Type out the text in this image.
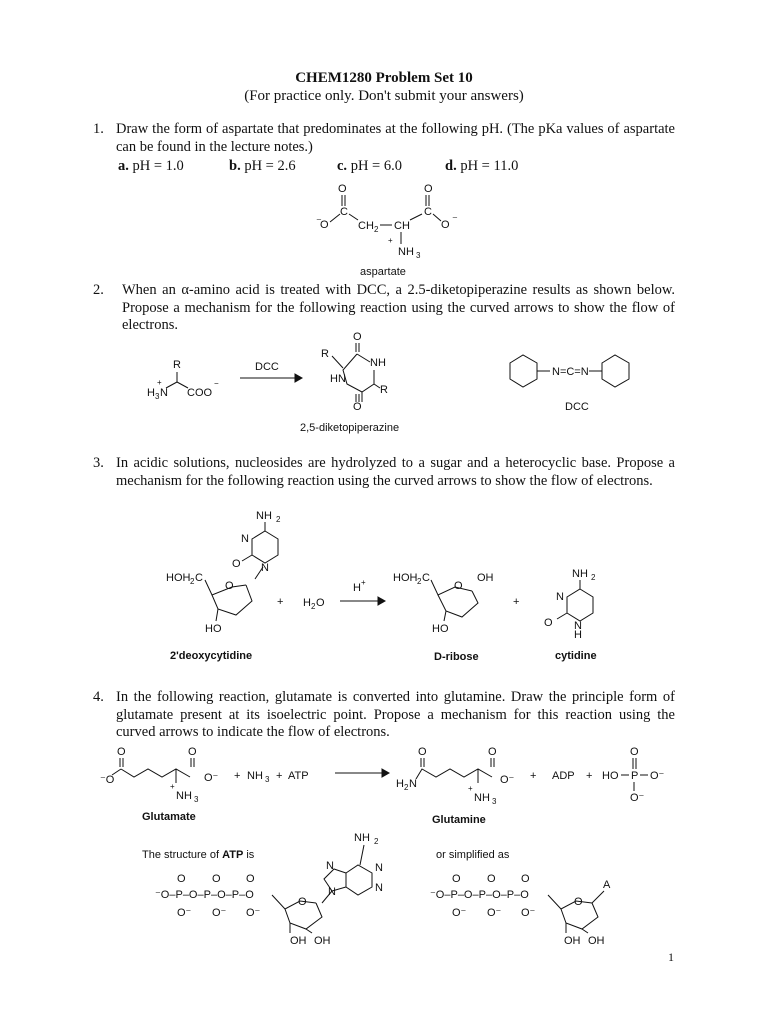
CHEM1280 Problem Set 10
(For practice only. Don't submit your answers)
1. Draw the form of aspartate that predominates at the following pH. (The pKa values of aspartate can be found in the lecture notes.)
a. pH = 1.0	b. pH = 2.6	c. pH = 6.0	d. pH = 11.0
O
C
⁻
O	CH 2 CH
O
C
O ⁻
+
NH 3
aspartate
2. When an α-amino acid is treated with DCC, a 2.5-diketopiperazine results as shown below. Propose a mechanism for the following reaction using the curved arrows to show the flow of electrons.
R
H 3 N
+
COO
−
DCC
O
NH
R
HN
R
O
2,5-diketopiperazine
N=C=N
DCC
3. In acidic solutions, nucleosides are hydrolyzed to a sugar and a heterocyclic base. Propose a mechanism for the following reaction using the curved arrows to show the flow of electrons.
NH 2
N
N
O
HOH 2 C
O
HO
2'deoxycytidine
+ H 2 O
H + HOH 2 C
O
OH
HO
D-ribose
+
NH 2
N
O N
H
cytidine
4. In the following reaction, glutamate is converted into glutamine. Draw the principle form of glutamate present at its isoelectric point. Propose a mechanism for this reaction using the curved arrows to indicate the flow of electrons.
O
⁻O
O
O⁻
+
NH 3
Glutamate
+ NH 3 + ATP
H 2 N
O	O
O⁻
+
NH 3
Glutamine
+ ADP + HO P
O
O⁻
O⁻
The structure of ATP is	or simplified as
⁻O–P–O–P–O–P–O
O O O
O⁻ O⁻ O⁻
O
OH OH
NH 2
N	N
N
N	⁻O–P–O–P–O–P–O
O O O
O⁻ O⁻ O⁻
O
OH OH
A
1
